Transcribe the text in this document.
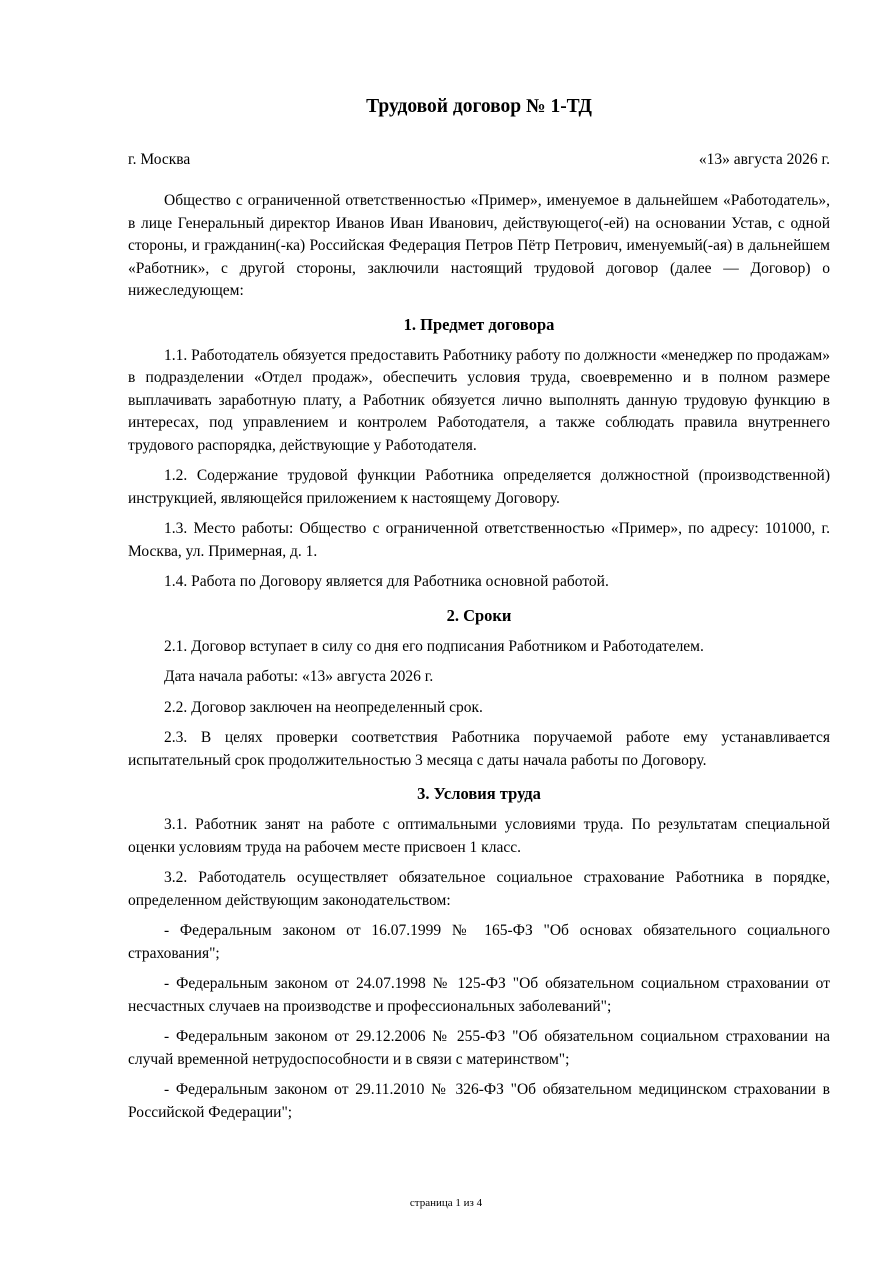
Трудовой договор № 1-ТД
г. Москва	«13» августа 2026 г.

Общество с ограниченной ответственностью «Пример», именуемое в дальнейшем «Работодатель», в лице Генеральный директор Иванов Иван Иванович, действующего(-ей) на основании Устав, с одной стороны, и гражданин(-ка) Российская Федерация Петров Пётр Петрович, именуемый(-ая) в дальнейшем «Работник», с другой стороны, заключили настоящий трудовой договор (далее — Договор) о нижеследующем:

1. Предмет договора

1.1. Работодатель обязуется предоставить Работнику работу по должности «менеджер по продажам» в подразделении «Отдел продаж», обеспечить условия труда, своевременно и в полном размере выплачивать заработную плату, а Работник обязуется лично выполнять данную трудовую функцию в интересах, под управлением и контролем Работодателя, а также соблюдать правила внутреннего трудового распорядка, действующие у Работодателя.

1.2. Содержание трудовой функции Работника определяется должностной (производственной) инструкцией, являющейся приложением к настоящему Договору.

1.3. Место работы: Общество с ограниченной ответственностью «Пример», по адресу: 101000, г. Москва, ул. Примерная, д. 1.

1.4. Работа по Договору является для Работника основной работой.

2. Сроки

2.1. Договор вступает в силу со дня его подписания Работником и Работодателем.

Дата начала работы: «13» августа 2026 г.

2.2. Договор заключен на неопределенный срок.

2.3. В целях проверки соответствия Работника поручаемой работе ему устанавливается испытательный срок продолжительностью 3 месяца с даты начала работы по Договору.

3. Условия труда

3.1. Работник занят на работе с оптимальными условиями труда. По результатам специальной оценки условиям труда на рабочем месте присвоен 1 класс.

3.2. Работодатель осуществляет обязательное социальное страхование Работника в порядке, определенном действующим законодательством:

- Федеральным законом от 16.07.1999 № 165-ФЗ "Об основах обязательного социального страхования";

- Федеральным законом от 24.07.1998 № 125-ФЗ "Об обязательном социальном страховании от несчастных случаев на производстве и профессиональных заболеваний";

- Федеральным законом от 29.12.2006 № 255-ФЗ "Об обязательном социальном страховании на случай временной нетрудоспособности и в связи с материнством";

- Федеральным законом от 29.11.2010 № 326-ФЗ "Об обязательном медицинском страховании в Российской Федерации";

страница 1 из 4
